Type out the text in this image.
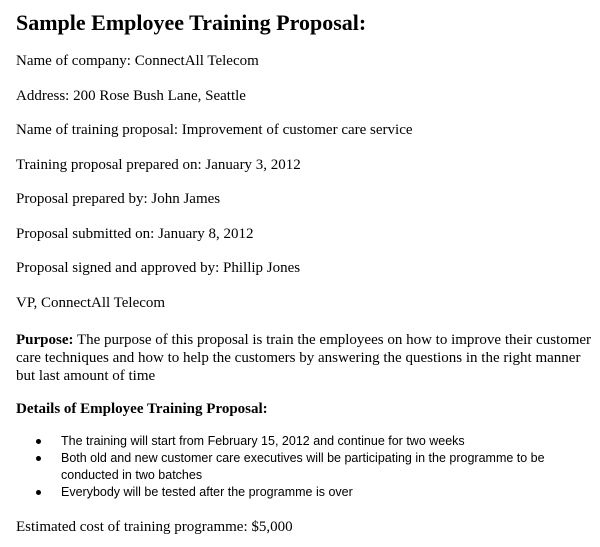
Sample Employee Training Proposal:
Name of company: ConnectAll Telecom
Address: 200 Rose Bush Lane, Seattle
Name of training proposal: Improvement of customer care service
Training proposal prepared on: January 3, 2012
Proposal prepared by: John James
Proposal submitted on: January 8, 2012
Proposal signed and approved by: Phillip Jones
VP, ConnectAll Telecom
Purpose: The purpose of this proposal is train the employees on how to improve their customer care techniques and how to help the customers by answering the questions in the right manner but last amount of time
Details of Employee Training Proposal:
The training will start from February 15, 2012 and continue for two weeks
Both old and new customer care executives will be participating in the programme to be conducted in two batches
Everybody will be tested after the programme is over
Estimated cost of training programme: $5,000
